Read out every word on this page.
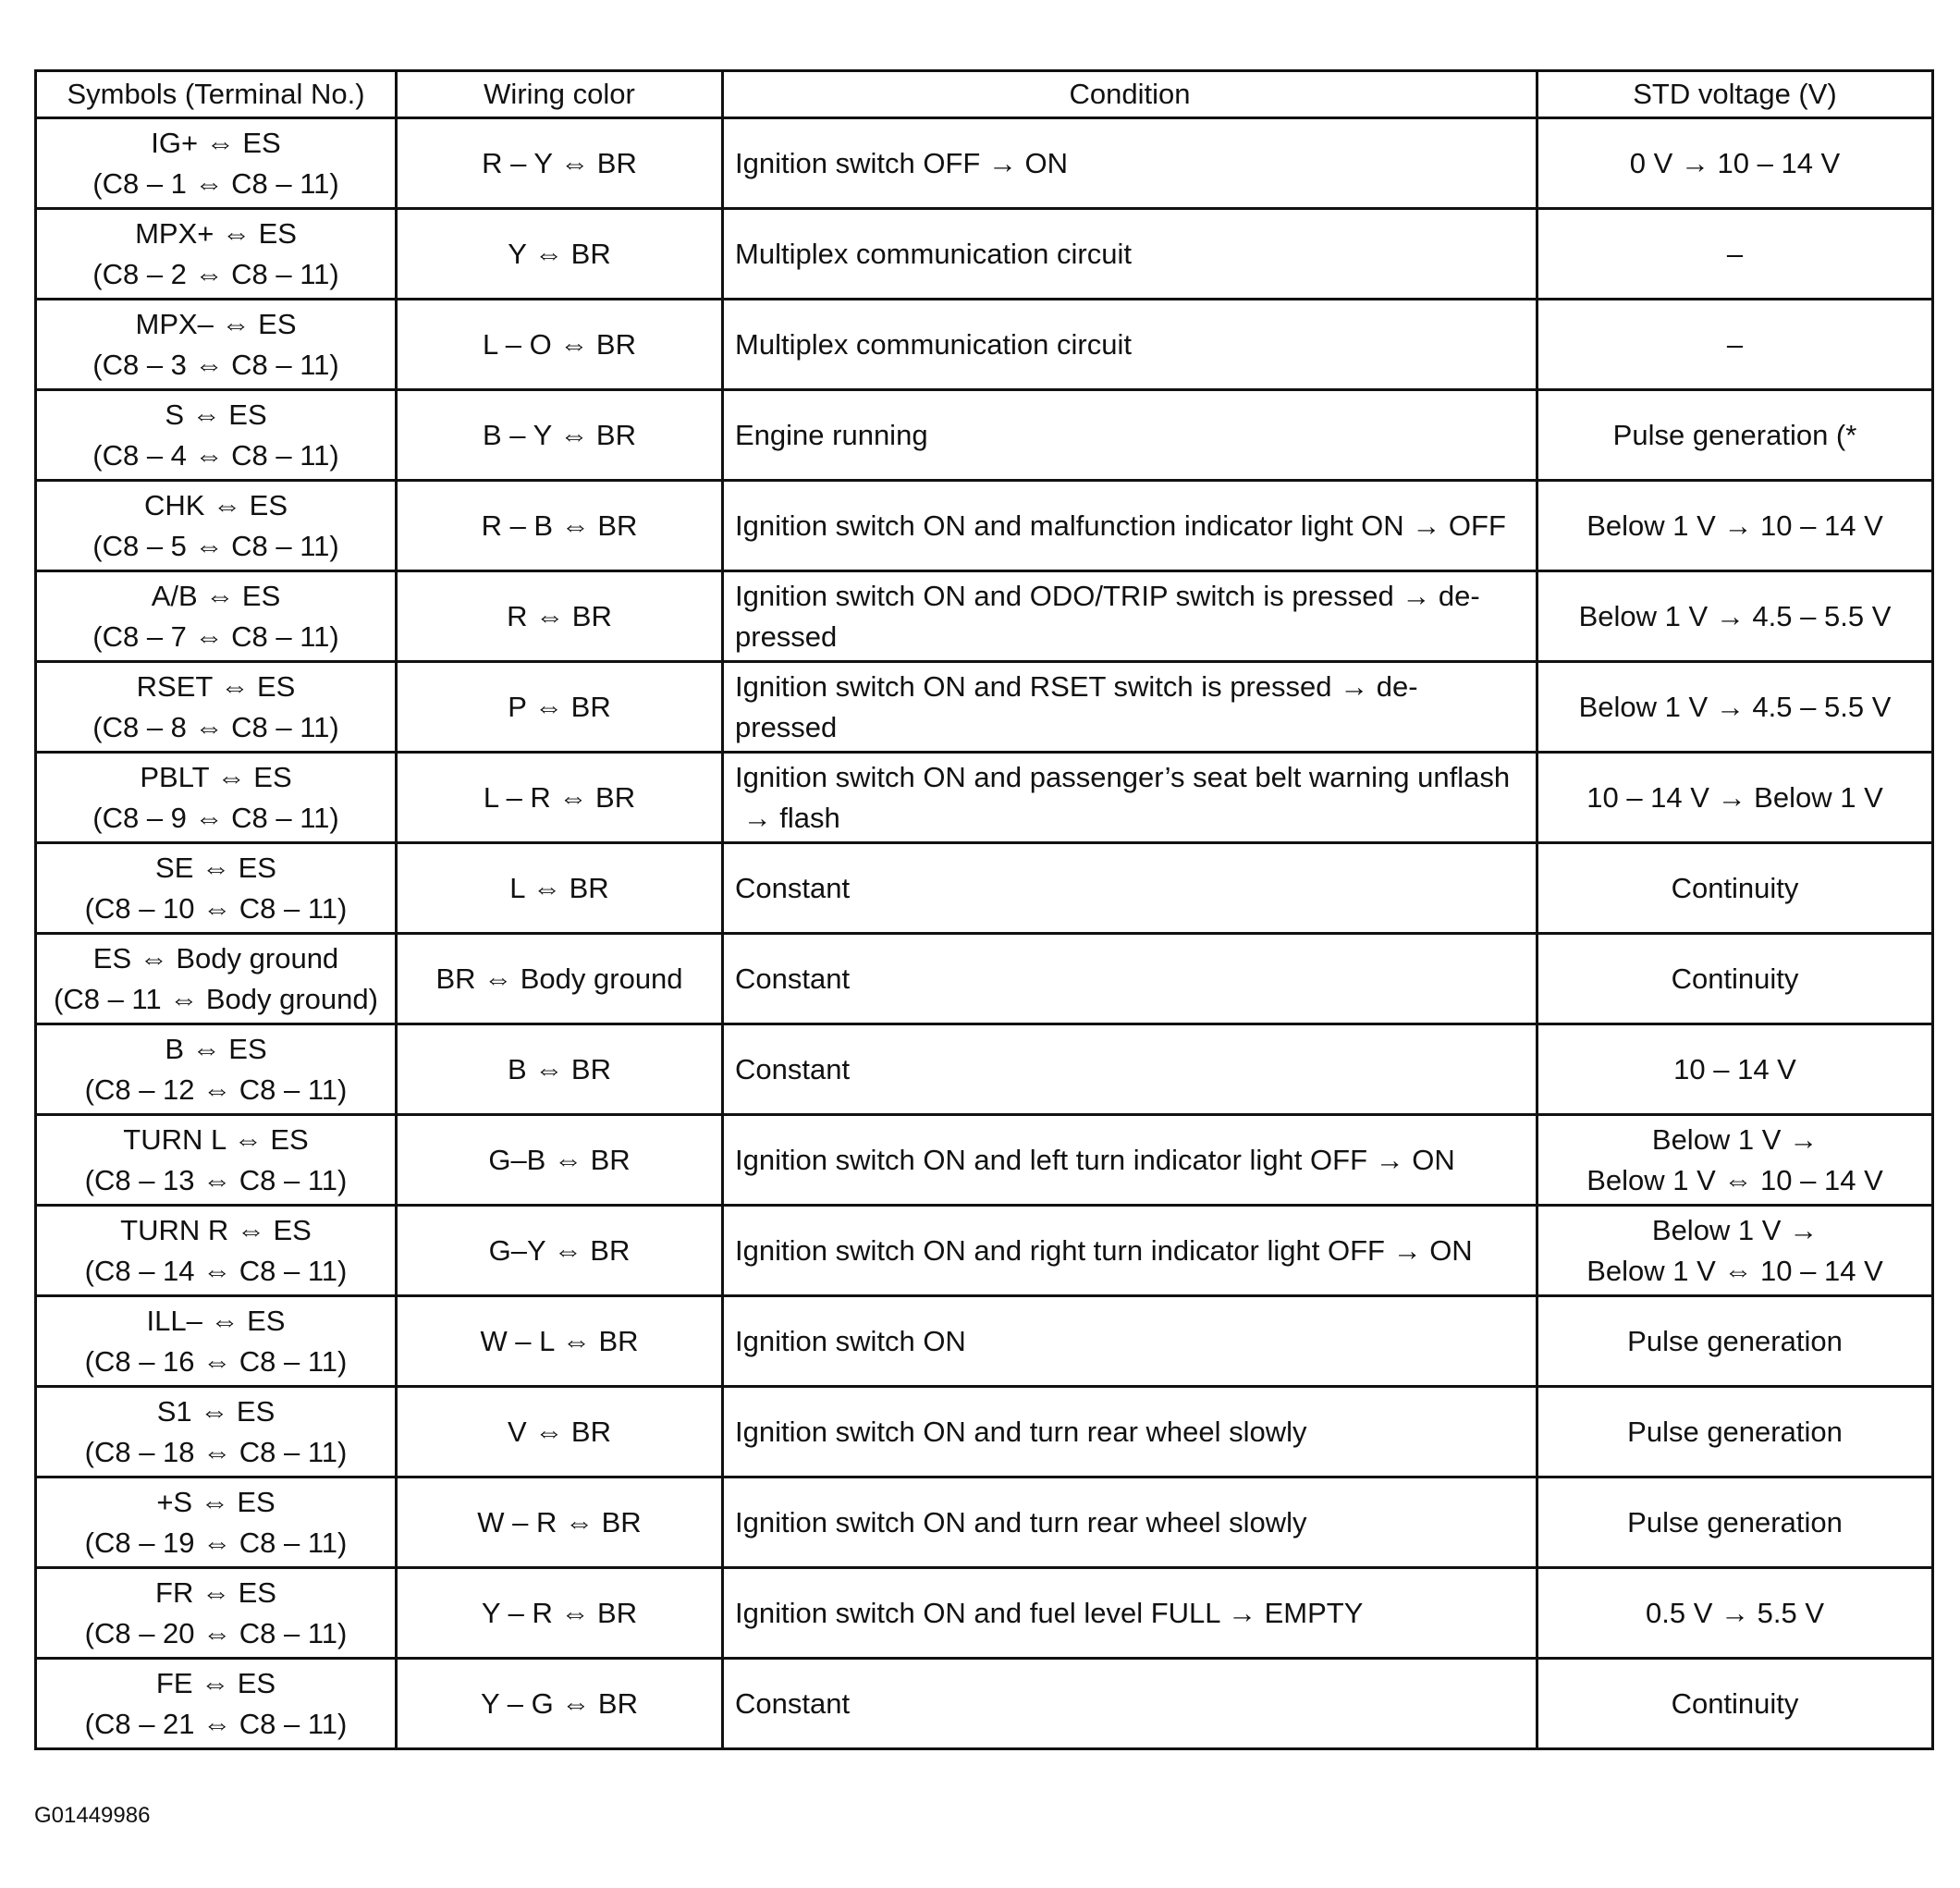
Symbols (Terminal No.)	Wiring color	Condition	STD voltage (V)

IG+ ⇔ ES
(C8 – 1 ⇔ C8 – 11)	R – Y ⇔ BR	Ignition switch OFF → ON	0 V → 10 – 14 V

MPX+ ⇔ ES
(C8 – 2 ⇔ C8 – 11)	Y ⇔ BR	Multiplex communication circuit	–

MPX– ⇔ ES
(C8 – 3 ⇔ C8 – 11)	L – O ⇔ BR	Multiplex communication circuit	–

S ⇔ ES
(C8 – 4 ⇔ C8 – 11)	B – Y ⇔ BR	Engine running	Pulse generation (*

CHK ⇔ ES
(C8 – 5 ⇔ C8 – 11)	R – B ⇔ BR	Ignition switch ON and malfunction indicator light ON → OFF	Below 1 V → 10 – 14 V

A/B ⇔ ES
(C8 – 7 ⇔ C8 – 11)	R ⇔ BR	Ignition switch ON and ODO/TRIP switch is pressed → de-
pressed	Below 1 V → 4.5 – 5.5 V

RSET ⇔ ES
(C8 – 8 ⇔ C8 – 11)	P ⇔ BR	Ignition switch ON and RSET switch is pressed → de-
pressed	Below 1 V → 4.5 – 5.5 V

PBLT ⇔ ES
(C8 – 9 ⇔ C8 – 11)	L – R ⇔ BR	Ignition switch ON and passenger’s seat belt warning unflash
→ flash	10 – 14 V → Below 1 V

SE ⇔ ES
(C8 – 10 ⇔ C8 – 11)	L ⇔ BR	Constant	Continuity

ES ⇔ Body ground
(C8 – 11 ⇔ Body ground)	BR ⇔ Body ground	Constant	Continuity

B ⇔ ES
(C8 – 12 ⇔ C8 – 11)	B ⇔ BR	Constant	10 – 14 V

TURN L ⇔ ES
(C8 – 13 ⇔ C8 – 11)	G–B ⇔ BR	Ignition switch ON and left turn indicator light OFF → ON	Below 1 V →
Below 1 V ⇔ 10 – 14 V

TURN R ⇔ ES
(C8 – 14 ⇔ C8 – 11)	G–Y ⇔ BR	Ignition switch ON and right turn indicator light OFF → ON	Below 1 V →
Below 1 V ⇔ 10 – 14 V

ILL– ⇔ ES
(C8 – 16 ⇔ C8 – 11)	W – L ⇔ BR	Ignition switch ON	Pulse generation

S1 ⇔ ES
(C8 – 18 ⇔ C8 – 11)	V ⇔ BR	Ignition switch ON and turn rear wheel slowly	Pulse generation

+S ⇔ ES
(C8 – 19 ⇔ C8 – 11)	W – R ⇔ BR	Ignition switch ON and turn rear wheel slowly	Pulse generation

FR ⇔ ES
(C8 – 20 ⇔ C8 – 11)	Y – R ⇔ BR	Ignition switch ON and fuel level FULL → EMPTY	0.5 V → 5.5 V

FE ⇔ ES
(C8 – 21 ⇔ C8 – 11)	Y – G ⇔ BR	Constant	Continuity
G01449986
